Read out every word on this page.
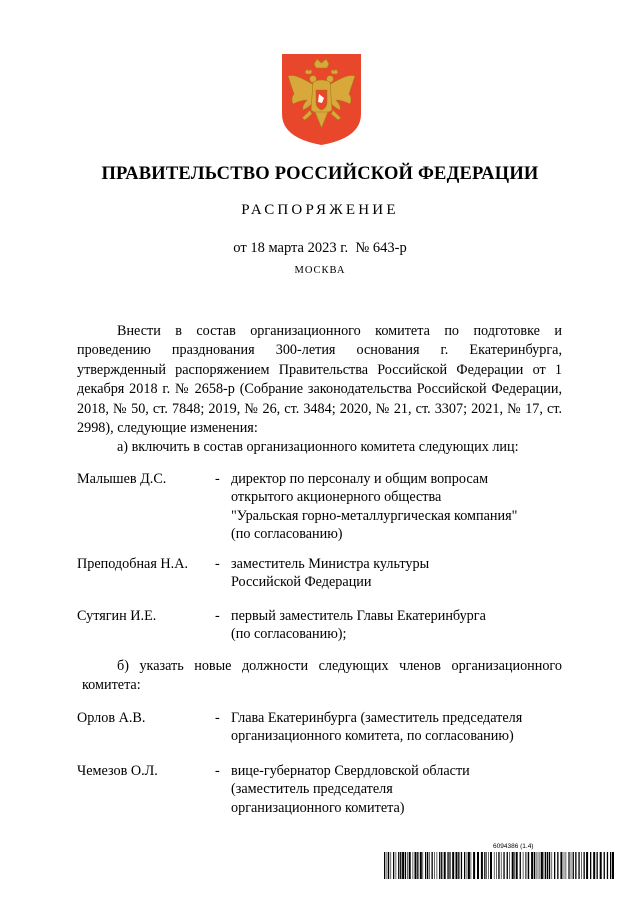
ПРАВИТЕЛЬСТВО РОССИЙСКОЙ ФЕДЕРАЦИИ
РАСПОРЯЖЕНИЕ
от 18 марта 2023 г.  № 643-р
МОСКВА

Внести в состав организационного комитета по подготовке и проведению празднования 300-летия основания г. Екатеринбурга, утвержденный распоряжением Правительства Российской Федерации от 1 декабря 2018 г. № 2658-р (Собрание законодательства Российской Федерации, 2018, № 50, ст. 7848; 2019, № 26, ст. 3484; 2020, № 21, ст. 3307; 2021, № 17, ст. 2998), следующие изменения:

а) включить в состав организационного комитета следующих лиц:

Малышев Д.С.	- директор по персоналу и общим вопросам
открытого акционерного общества
"Уральская горно-металлургическая компания"
(по согласованию)
Преподобная Н.А. - заместитель Министра культуры
Российской Федерации
Сутягин И.Е.	- первый заместитель Главы Екатеринбурга
(по согласованию);
б) указать новые должности следующих членов организационного
комитета:
Орлов А.В.	- Глава Екатеринбурга (заместитель председателя
организационного комитета, по согласованию)
Чемезов О.Л.	- вице-губернатор Свердловской области
(заместитель председателя
организационного комитета)
6094386 (1.4)
